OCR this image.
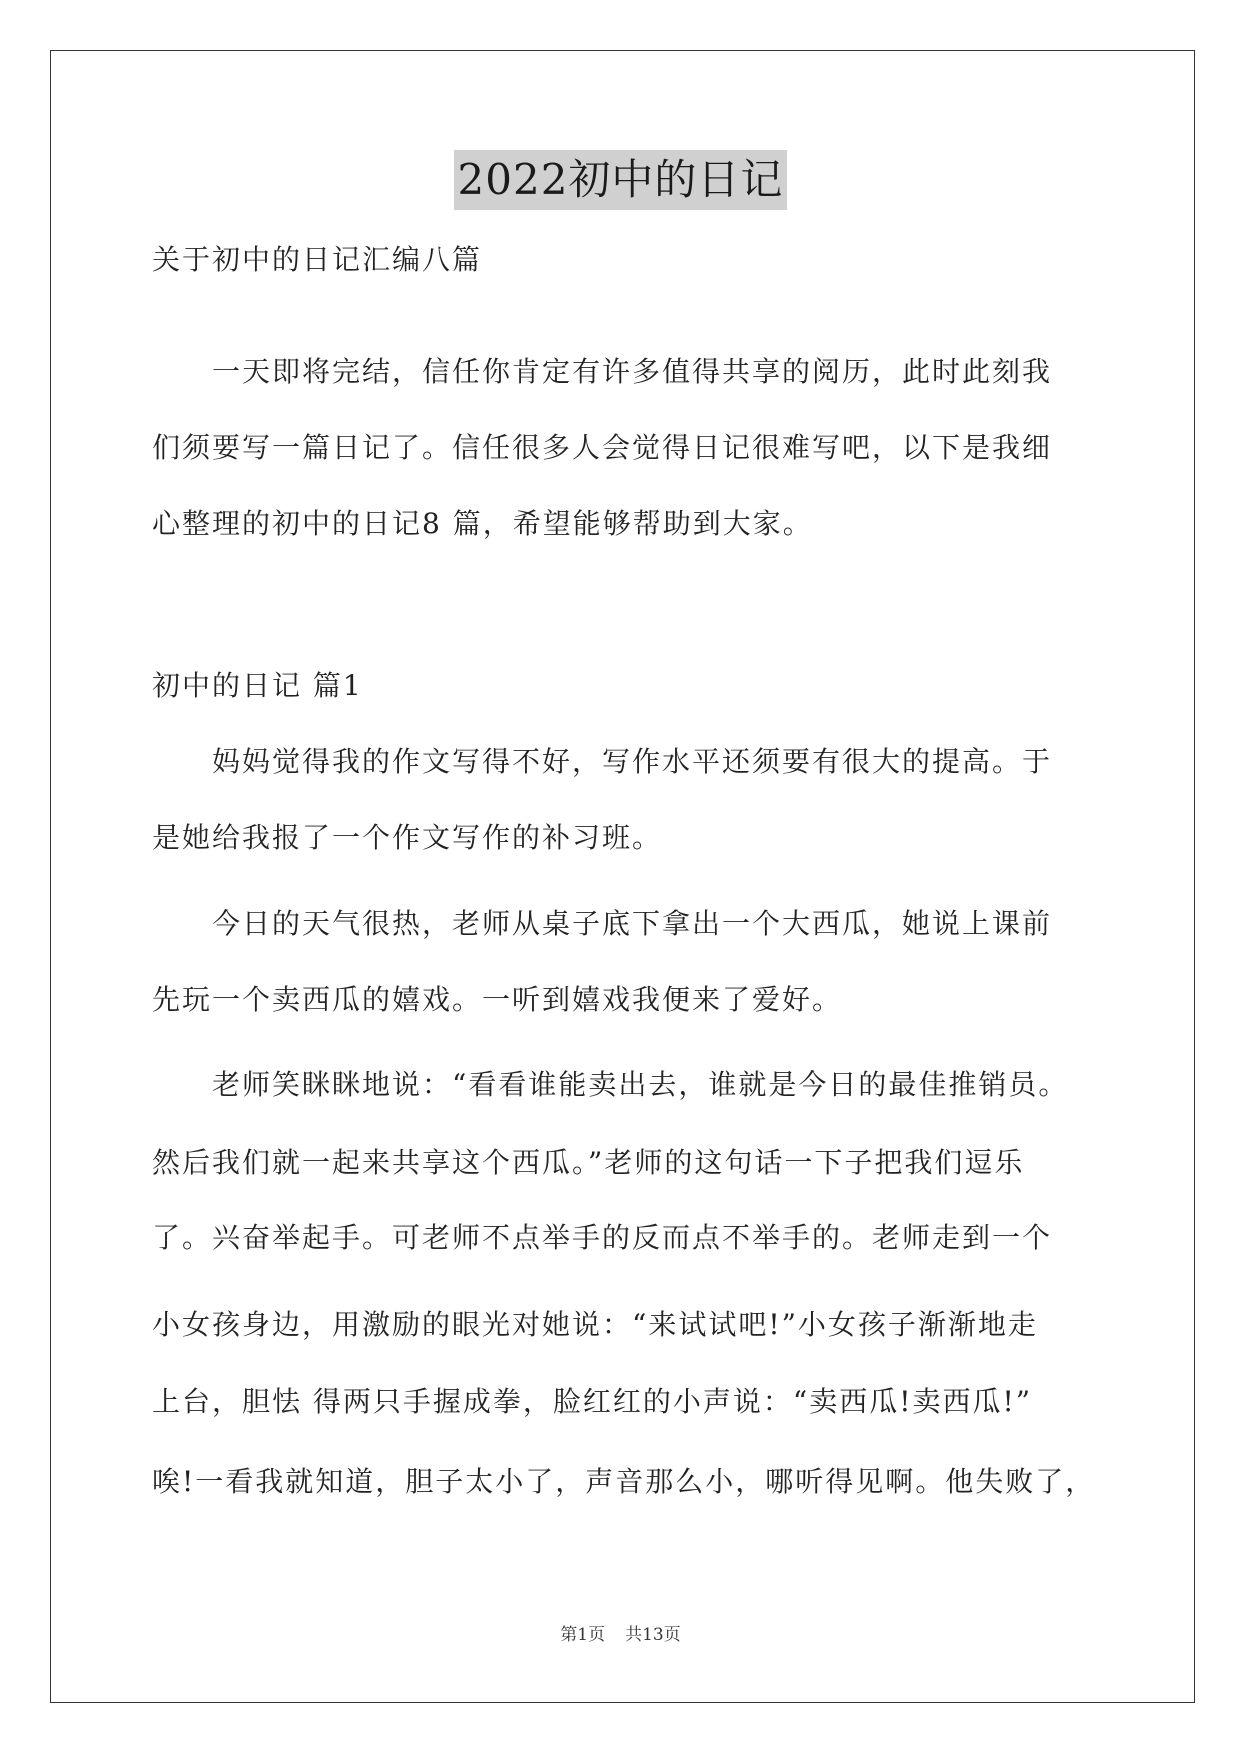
2022初中的日记
关于初中的日记汇编八篇
　　一天即将完结，信任你肯定有许多值得共享的阅历，此时此刻我
们须要写一篇日记了。信任很多人会觉得日记很难写吧，以下是我细
心整理的初中的日记8 篇，希望能够帮助到大家。
初中的日记 篇1
　　妈妈觉得我的作文写得不好，写作水平还须要有很大的提高。于
是她给我报了一个作文写作的补习班。
　　今日的天气很热，老师从桌子底下拿出一个大西瓜，她说上课前
先玩一个卖西瓜的嬉戏。一听到嬉戏我便来了爱好。
　　老师笑眯眯地说：“看看谁能卖出去，谁就是今日的最佳推销员。
然后我们就一起来共享这个西瓜。”老师的这句话一下子把我们逗乐
了。兴奋举起手。可老师不点举手的反而点不举手的。老师走到一个
小女孩身边，用激励的眼光对她说：“来试试吧!”小女孩子渐渐地走
上台，胆怯 得两只手握成拳，脸红红的小声说：“卖西瓜!卖西瓜!”
唉!一看我就知道，胆子太小了，声音那么小，哪听得见啊。他失败了，
第1页 共13页
